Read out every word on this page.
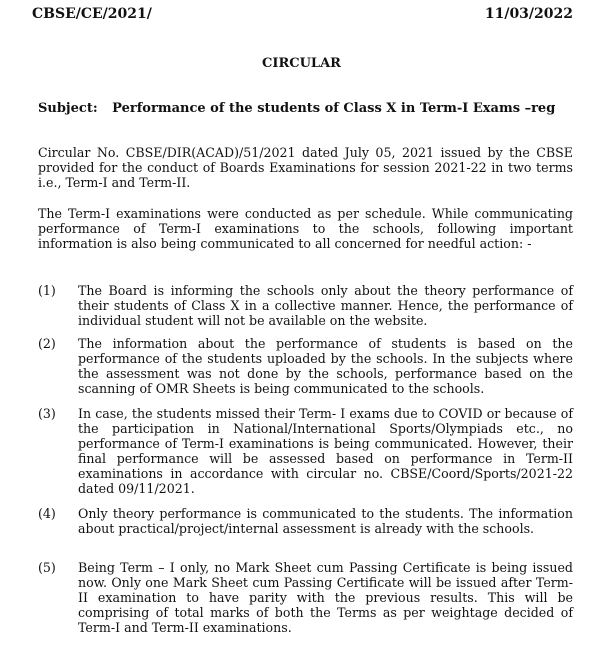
CBSE/CE/2021/	11/03/2022
CIRCULAR
Subject: Performance of the students of Class X in Term-I Exams –reg
Circular No. CBSE/DIR(ACAD)/51/2021 dated July 05, 2021 issued by the CBSE provided for the conduct of Boards Examinations for session 2021-22 in two terms i.e., Term-I and Term-II.
The Term-I examinations were conducted as per schedule. While communicating performance of Term-I examinations to the schools, following important information is also being communicated to all concerned for needful action: -
(1)	The Board is informing the schools only about the theory performance of their students of Class X in a collective manner. Hence, the performance of individual student will not be available on the website.
(2)	The information about the performance of students is based on the performance of the students uploaded by the schools. In the subjects where the assessment was not done by the schools, performance based on the scanning of OMR Sheets is being communicated to the schools.
(3)	In case, the students missed their Term- I exams due to COVID or because of the participation in National/International Sports/Olympiads etc., no performance of Term-I examinations is being communicated. However, their final performance will be assessed based on performance in Term-II examinations in accordance with circular no. CBSE/Coord/Sports/2021-22 dated 09/11/2021.
(4)	Only theory performance is communicated to the students. The information about practical/project/internal assessment is already with the schools.
(5)	Being Term – I only, no Mark Sheet cum Passing Certificate is being issued now. Only one Mark Sheet cum Passing Certificate will be issued after Term-II examination to have parity with the previous results. This will be comprising of total marks of both the Terms as per weightage decided of Term-I and Term-II examinations.
